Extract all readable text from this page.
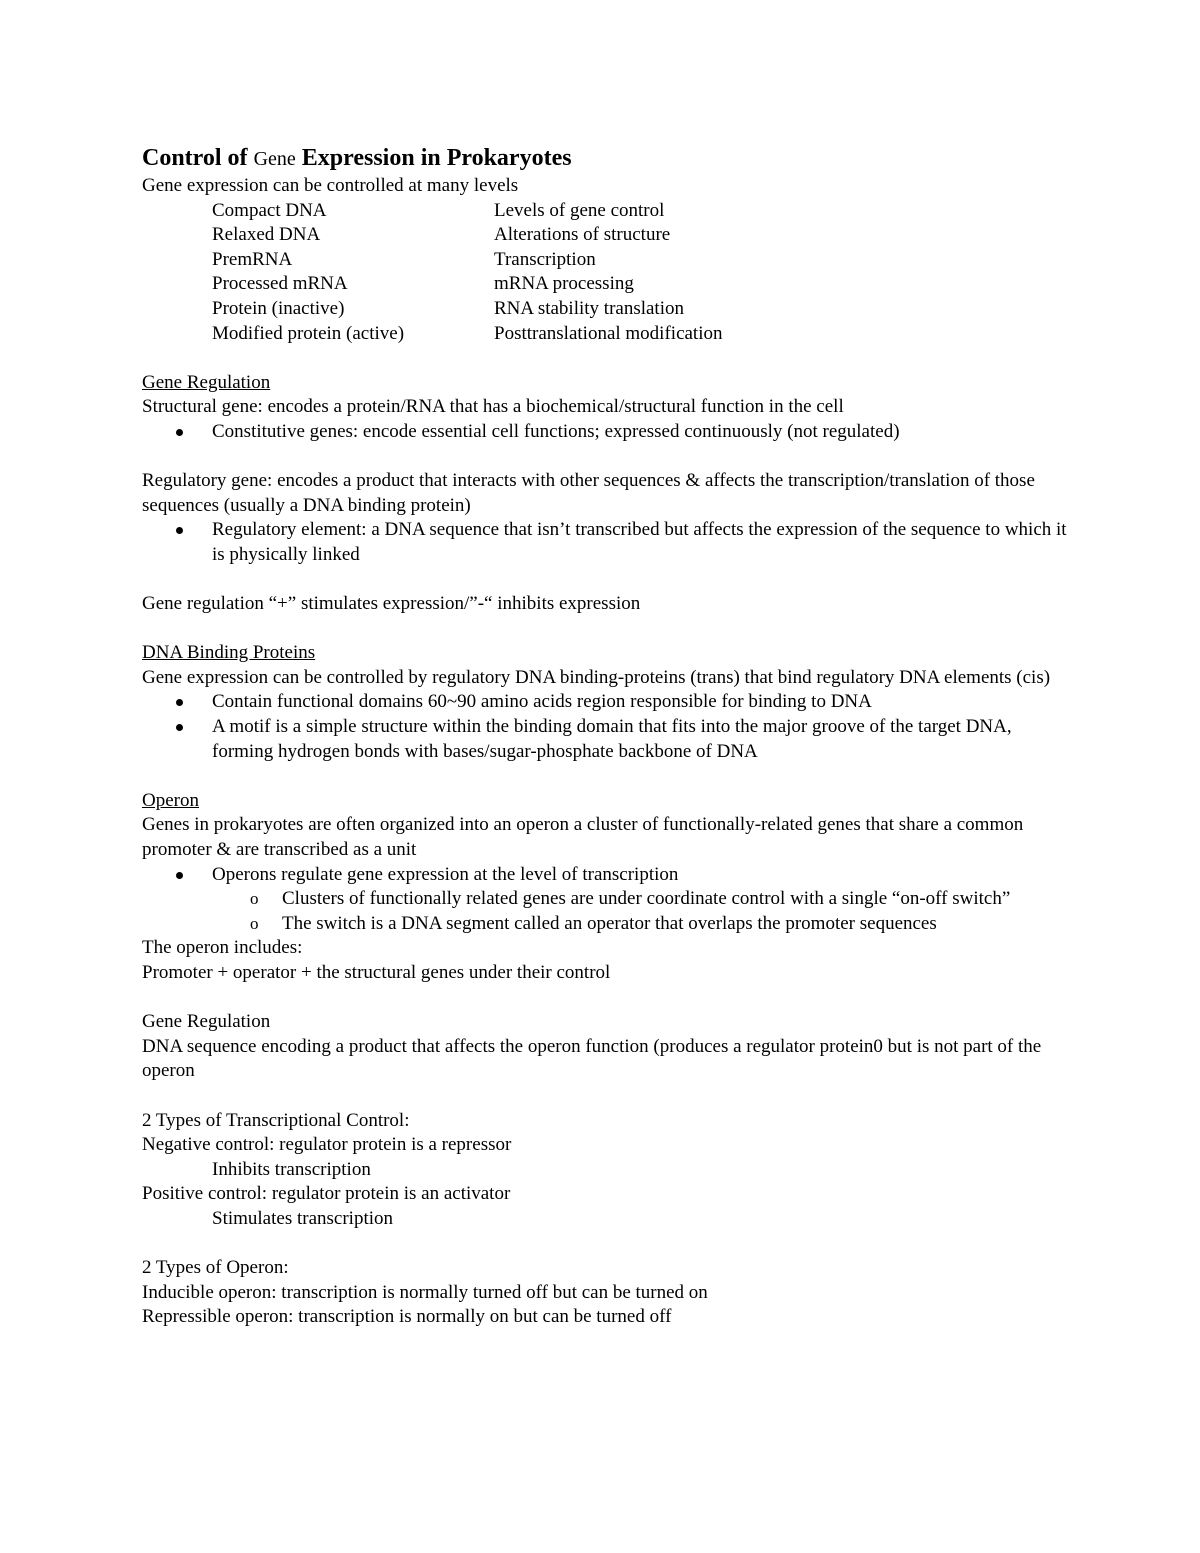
Control of Gene Expression in Prokaryotes
Gene expression can be controlled at many levels
Compact DNA	Levels of gene control
Relaxed DNA	Alterations of structure
PremRNA	Transcription
Processed mRNA	mRNA processing
Protein (inactive)	RNA stability translation
Modified protein (active)	Posttranslational modification
Gene Regulation
Structural gene: encodes a protein/RNA that has a biochemical/structural function in the cell
Constitutive genes: encode essential cell functions; expressed continuously (not regulated)
Regulatory gene: encodes a product that interacts with other sequences & affects the transcription/translation of those sequences (usually a DNA binding protein)
Regulatory element: a DNA sequence that isn’t transcribed but affects the expression of the sequence to which it is physically linked
Gene regulation “+” stimulates expression/”-“ inhibits expression
DNA Binding Proteins
Gene expression can be controlled by regulatory DNA binding-proteins (trans) that bind regulatory DNA elements (cis)
Contain functional domains 60~90 amino acids region responsible for binding to DNA
A motif is a simple structure within the binding domain that fits into the major groove of the target DNA, forming hydrogen bonds with bases/sugar-phosphate backbone of DNA
Operon
Genes in prokaryotes are often organized into an operon a cluster of functionally-related genes that share a common promoter & are transcribed as a unit
Operons regulate gene expression at the level of transcription
o Clusters of functionally related genes are under coordinate control with a single “on-off switch”
o The switch is a DNA segment called an operator that overlaps the promoter sequences
The operon includes:
Promoter + operator + the structural genes under their control
Gene Regulation
DNA sequence encoding a product that affects the operon function (produces a regulator protein0 but is not part of the operon
2 Types of Transcriptional Control:
Negative control: regulator protein is a repressor
Inhibits transcription
Positive control: regulator protein is an activator
Stimulates transcription
2 Types of Operon:
Inducible operon: transcription is normally turned off but can be turned on
Repressible operon: transcription is normally on but can be turned off
